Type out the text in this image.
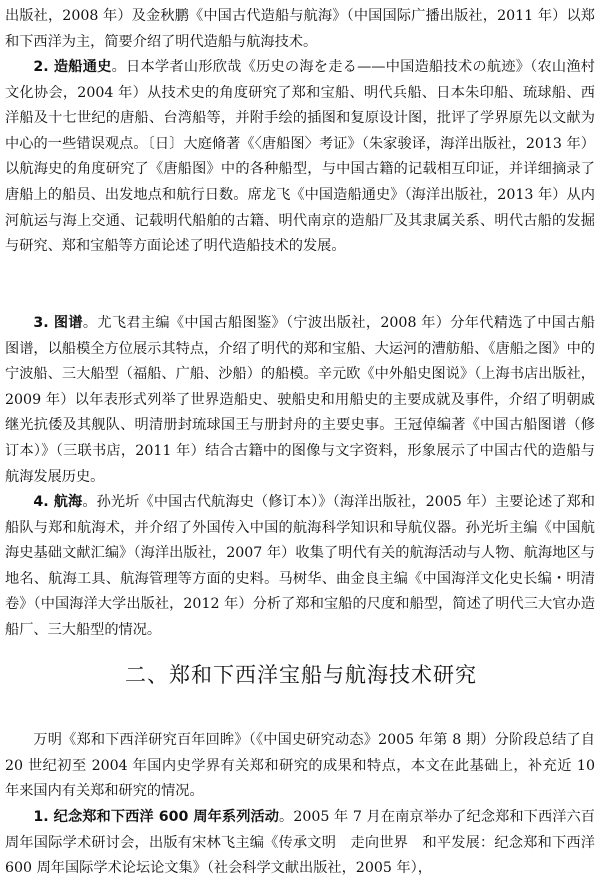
出版社，2008 年）及金秋鹏《中国古代造船与航海》（中国国际广播出版社，2011 年）以郑和下西洋为主，简要介绍了明代造船与航海技术。

2. 造船通史。日本学者山形欣哉《历史の海を走る——中国造船技术の航迹》（农山渔村文化协会，2004 年）从技术史的角度研究了郑和宝船、明代兵船、日本朱印船、琉球船、西洋船及十七世纪的唐船、台湾船等，并附手绘的插图和复原设计图，批评了学界原先以文献为中心的一些错误观点。〔日〕大庭脩著《〈唐船图〉考证》（朱家骏译，海洋出版社，2013 年）以航海史的角度研究了《唐船图》中的各种船型，与中国古籍的记载相互印证，并详细摘录了唐船上的船员、出发地点和航行日数。席龙飞《中国造船通史》（海洋出版社，2013 年）从内河航运与海上交通、记载明代船舶的古籍、明代南京的造船厂及其隶属关系、明代古船的发掘与研究、郑和宝船等方面论述了明代造船技术的发展。

3. 图谱。尤飞君主编《中国古船图鉴》（宁波出版社，2008 年）分年代精选了中国古船图谱，以船模全方位展示其特点，介绍了明代的郑和宝船、大运河的漕舫船、《唐船之图》中的宁波船、三大船型（福船、广船、沙船）的船模。辛元欧《中外船史图说》（上海书店出版社，2009 年）以年表形式列举了世界造船史、驶船史和用船史的主要成就及事件，介绍了明朝戚继光抗倭及其舰队、明清册封琉球国王与册封舟的主要史事。王冠倬编著《中国古船图谱（修订本）》（三联书店，2011 年）结合古籍中的图像与文字资料，形象展示了中国古代的造船与航海发展历史。

4. 航海。孙光圻《中国古代航海史（修订本）》（海洋出版社，2005 年）主要论述了郑和船队与郑和航海术，并介绍了外国传入中国的航海科学知识和导航仪器。孙光圻主编《中国航海史基础文献汇编》（海洋出版社，2007 年）收集了明代有关的航海活动与人物、航海地区与地名、航海工具、航海管理等方面的史料。马树华、曲金良主编《中国海洋文化史长编・明清卷》（中国海洋大学出版社，2012 年）分析了郑和宝船的尺度和船型，简述了明代三大官办造船厂、三大船型的情况。

二、郑和下西洋宝船与航海技术研究

万明《郑和下西洋研究百年回眸》（《中国史研究动态》2005 年第 8 期）分阶段总结了自 20 世纪初至 2004 年国内史学界有关郑和研究的成果和特点，本文在此基础上，补充近 10 年来国内有关郑和研究的情况。

1. 纪念郑和下西洋 600 周年系列活动。2005 年 7 月在南京举办了纪念郑和下西洋六百周年国际学术研讨会，出版有宋林飞主编《传承文明　走向世界　和平发展：纪念郑和下西洋 600 周年国际学术论坛论文集》（社会科学文献出版社，2005 年），
